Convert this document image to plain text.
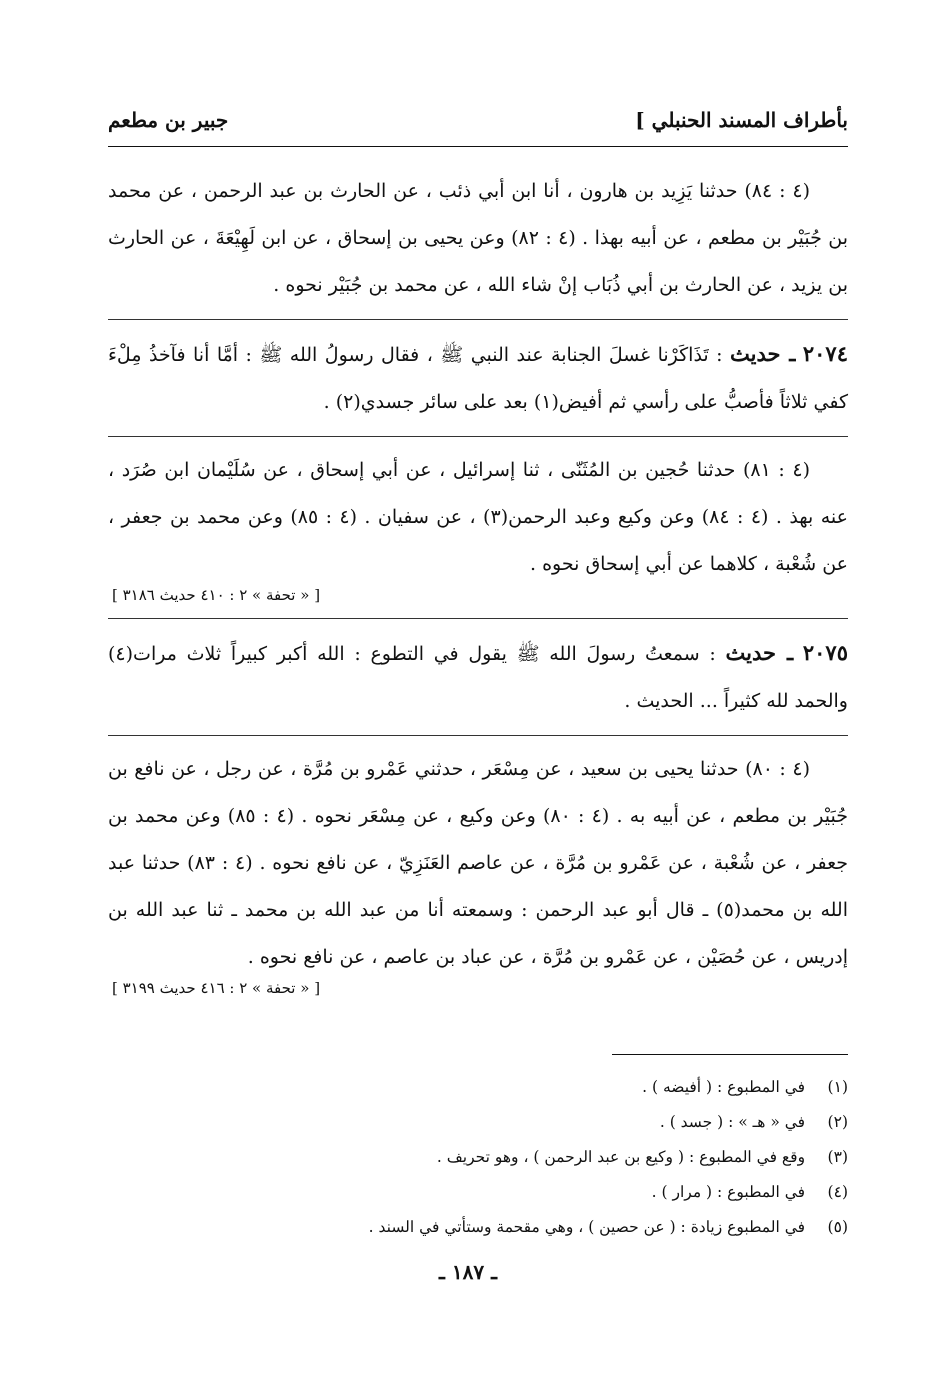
بأطراف المسند الحنبلي ]
جبير بن مطعم

(٤ : ٨٤) حدثنا يَزِيد بن هارون ، أنا ابن أبي ذئب ، عن الحارث بن عبد الرحمن ، عن محمد بن جُبَيْر بن مطعم ، عن أبيه بهذا . (٤ : ٨٢) وعن يحيى بن إسحاق ، عن ابن لَهِيْعَةَ ، عن الحارث بن يزيد ، عن الحارث بن أبي ذُبَاب إنْ شاء الله ، عن محمد بن جُبَيْر نحوه .

٢٠٧٤ ـ حديث : تَذَاكَرْنا غسلَ الجنابة عند النبي ﷺ ، فقال رسولُ الله ﷺ : أمَّا أنا فآخذُ مِلْءَ كفي ثلاثاً فأصبُّ على رأسي ثم أفيض(١) بعد على سائر جسدي(٢) .

(٤ : ٨١) حدثنا حُجين بن المُثَنّى ، ثنا إسرائيل ، عن أبي إسحاق ، عن سُلَيْمان ابن صُرَد ، عنه بهذ . (٤ : ٨٤) وعن وكيع وعبد الرحمن(٣) ، عن سفيان . (٤ : ٨٥) وعن محمد بن جعفر ، عن شُعْبة ، كلاهما عن أبي إسحاق نحوه .

[ « تحفة » ٢ : ٤١٠ حديث ٣١٨٦ ]

٢٠٧٥ ـ حديث : سمعتُ رسولَ الله ﷺ يقول في التطوع : الله أكبر كبيراً ثلاث مرات(٤) والحمد لله كثيراً ... الحديث .

(٤ : ٨٠) حدثنا يحيى بن سعيد ، عن مِسْعَر ، حدثني عَمْرو بن مُرَّة ، عن رجل ، عن نافع بن جُبَيْر بن مطعم ، عن أبيه به . (٤ : ٨٠) وعن وكيع ، عن مِسْعَر نحوه . (٤ : ٨٥) وعن محمد بن جعفر ، عن شُعْبة ، عن عَمْرو بن مُرَّة ، عن عاصم العَنَزِيّ ، عن نافع نحوه . (٤ : ٨٣) حدثنا عبد الله بن محمد(٥) ـ قال أبو عبد الرحمن : وسمعته أنا من عبد الله بن محمد ـ ثنا عبد الله بن إدريس ، عن حُصَيْن ، عن عَمْرو بن مُرَّة ، عن عباد بن عاصم ، عن نافع نحوه .

[ « تحفة » ٢ : ٤١٦ حديث ٣١٩٩ ]
(١) في المطبوع : ( أفيضه ) .
(٢) في « هـ » : ( جسد ) .
(٣) وقع في المطبوع : ( وكيع بن عبد الرحمن ) ، وهو تحريف .
(٤) في المطبوع : ( مرار ) .
(٥) في المطبوع زيادة : ( عن حصين ) ، وهي مقحمة وستأتي في السند .
ـ ١٨٧ ـ
